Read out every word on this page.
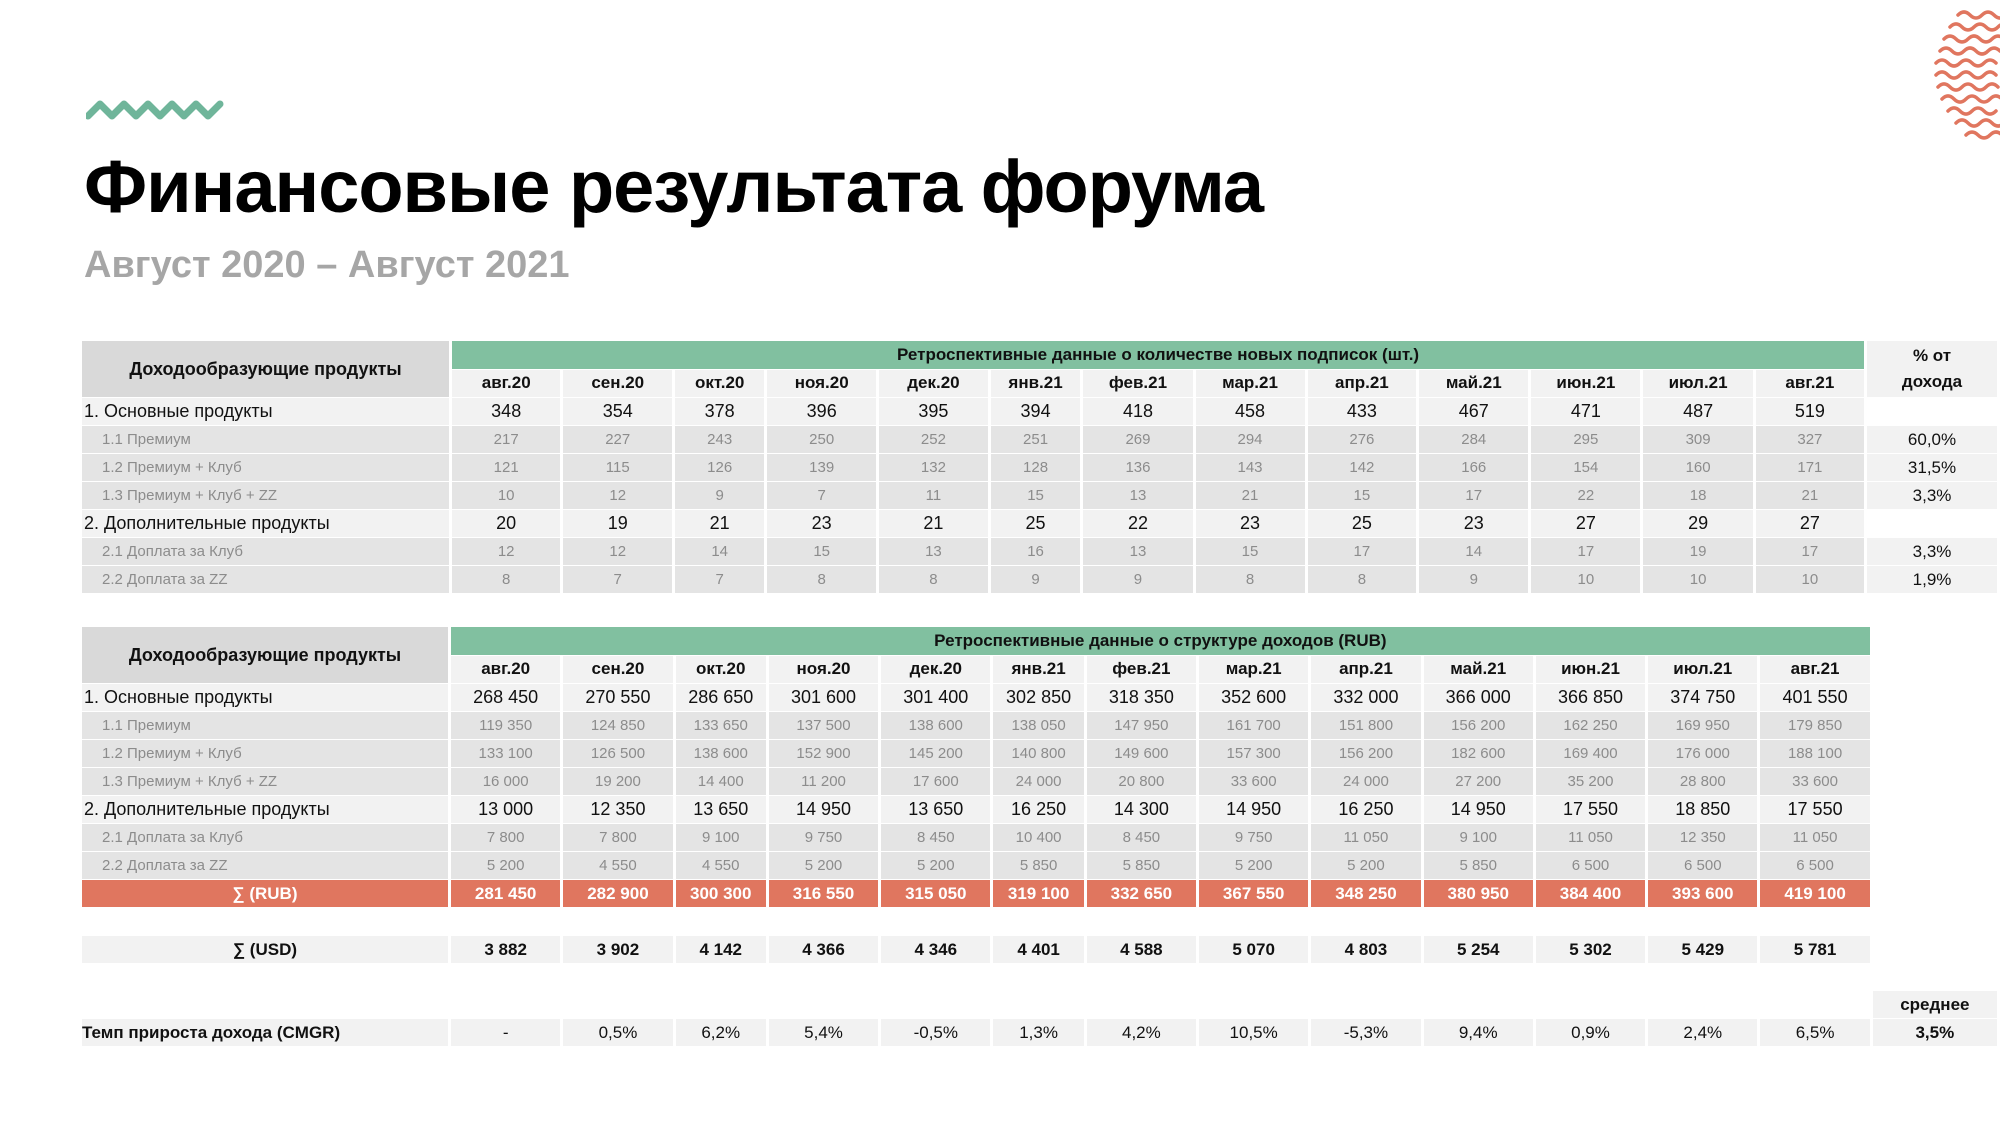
Финансовые результата форума
Август 2020 – Август 2021
Доходообразующие продукты	Ретроспективные данные о количестве новых подписок (шт.)													% от дохода
	авг.20	сен.20	окт.20	ноя.20	дек.20	янв.21	фев.21	мар.21	апр.21	май.21	июн.21	июл.21	авг.21	
1. Основные продукты	348	354	378	396	395	394	418	458	433	467	471	487	519	
1.1 Премиум	217	227	243	250	252	251	269	294	276	284	295	309	327	60,0%
1.2 Премиум + Клуб	121	115	126	139	132	128	136	143	142	166	154	160	171	31,5%
1.3 Премиум + Клуб + ZZ	10	12	9	7	11	15	13	21	15	17	22	18	21	3,3%
2. Дополнительные продукты	20	19	21	23	21	25	22	23	25	23	27	29	27	
2.1 Доплата за Клуб	12	12	14	15	13	16	13	15	17	14	17	19	17	3,3%
2.2 Доплата за ZZ	8	7	7	8	8	9	9	8	8	9	10	10	10	1,9%
Доходообразующие продукты	Ретроспективные данные о структуре доходов (RUB)													
	авг.20	сен.20	окт.20	ноя.20	дек.20	янв.21	фев.21	мар.21	апр.21	май.21	июн.21	июл.21	авг.21	
1. Основные продукты	268 450	270 550	286 650	301 600	301 400	302 850	318 350	352 600	332 000	366 000	366 850	374 750	401 550	
1.1 Премиум	119 350	124 850	133 650	137 500	138 600	138 050	147 950	161 700	151 800	156 200	162 250	169 950	179 850	
1.2 Премиум + Клуб	133 100	126 500	138 600	152 900	145 200	140 800	149 600	157 300	156 200	182 600	169 400	176 000	188 100	
1.3 Премиум + Клуб + ZZ	16 000	19 200	14 400	11 200	17 600	24 000	20 800	33 600	24 000	27 200	35 200	28 800	33 600	
2. Дополнительные продукты	13 000	12 350	13 650	14 950	13 650	16 250	14 300	14 950	16 250	14 950	17 550	18 850	17 550	
2.1 Доплата за Клуб	7 800	7 800	9 100	9 750	8 450	10 400	8 450	9 750	11 050	9 100	11 050	12 350	11 050	
2.2 Доплата за ZZ	5 200	4 550	4 550	5 200	5 200	5 850	5 850	5 200	5 200	5 850	6 500	6 500	6 500	
∑ (RUB)	281 450	282 900	300 300	316 550	315 050	319 100	332 650	367 550	348 250	380 950	384 400	393 600	419 100	

∑ (USD)	3 882	3 902	4 142	4 366	4 346	4 401	4 588	5 070	4 803	5 254	5 302	5 429	5 781	

														среднее
Темп прироста дохода (CMGR)	-	0,5%	6,2%	5,4%	-0,5%	1,3%	4,2%	10,5%	-5,3%	9,4%	0,9%	2,4%	6,5%	3,5%
